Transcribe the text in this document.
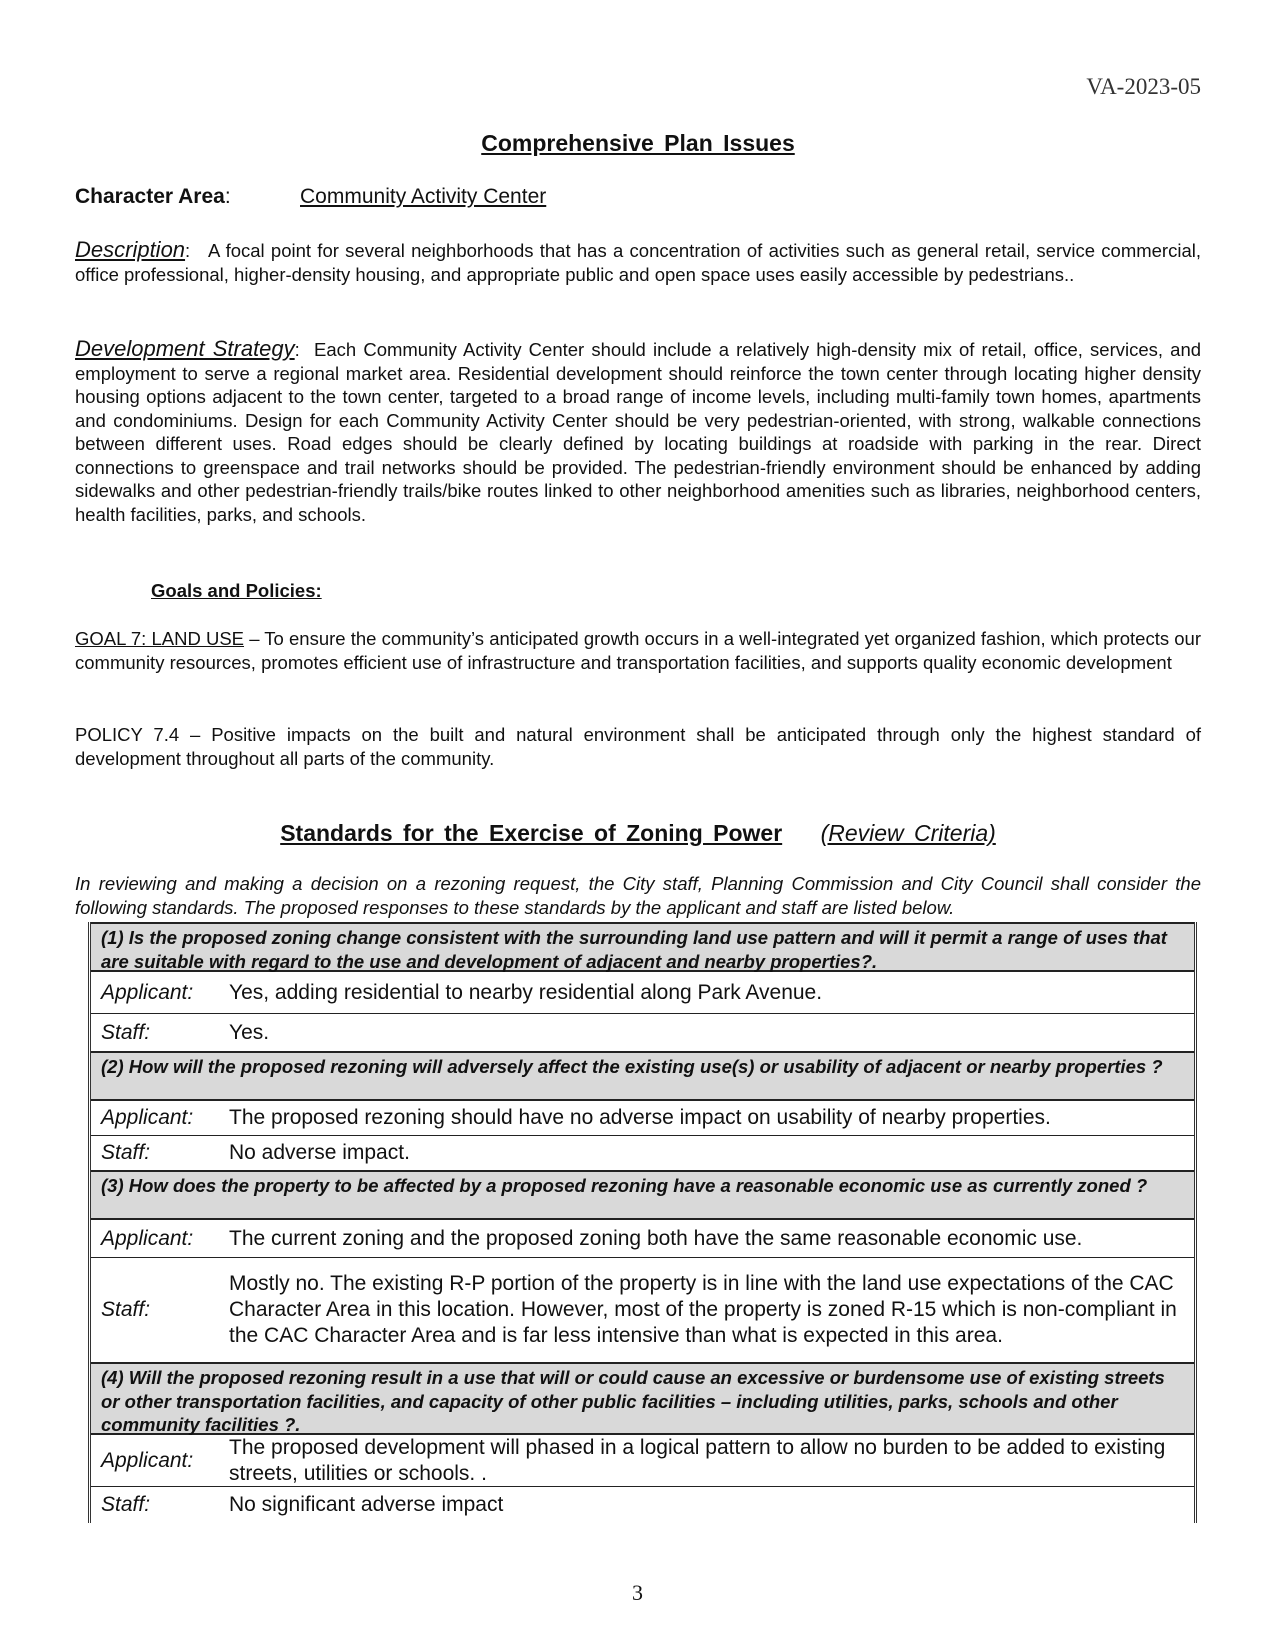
VA-2023-05
Comprehensive Plan Issues
Character Area:	Community Activity Center
Description:   A focal point for several neighborhoods that has a concentration of activities such as general retail, service commercial, office professional, higher-density housing, and appropriate public and open space uses easily accessible by pedestrians..
Development Strategy:  Each Community Activity Center should include a relatively high-density mix of retail, office, services, and employment to serve a regional market area. Residential development should reinforce the town center through locating higher density housing options adjacent to the town center, targeted to a broad range of income levels, including multi-family town homes, apartments and condominiums. Design for each Community Activity Center should be very pedestrian-oriented, with strong, walkable connections between different uses. Road edges should be clearly defined by locating buildings at roadside with parking in the rear. Direct connections to greenspace and trail networks should be provided. The pedestrian-friendly environment should be enhanced by adding sidewalks and other pedestrian-friendly trails/bike routes linked to other neighborhood amenities such as libraries, neighborhood centers, health facilities, parks, and schools.
Goals and Policies:
GOAL 7: LAND USE – To ensure the community’s anticipated growth occurs in a well-integrated yet organized fashion, which protects our community resources, promotes efficient use of infrastructure and transportation facilities, and supports quality economic development
POLICY 7.4 – Positive impacts on the built and natural environment shall be anticipated through only the highest standard of development throughout all parts of the community.
Standards for the Exercise of Zoning Power (Review Criteria)
In reviewing and making a decision on a rezoning request, the City staff, Planning Commission and City Council shall consider the following standards. The proposed responses to these standards by the applicant and staff are listed below.
(1) Is the proposed zoning change consistent with the surrounding land use pattern and will it permit a range of uses that are suitable with regard to the use and development of adjacent and nearby properties?.
Applicant:	Yes, adding residential to nearby residential along Park Avenue.
Staff:	Yes.
(2) How will the proposed rezoning will adversely affect the existing use(s) or usability of adjacent or nearby properties ?
Applicant:	The proposed rezoning should have no adverse impact on usability of nearby properties.
Staff:	No adverse impact.
(3) How does the property to be affected by a proposed rezoning have a reasonable economic use as currently zoned ?
Applicant:	The current zoning and the proposed zoning both have the same reasonable economic use.
Staff:
Mostly no. The existing R-P portion of the property is in line with the land use expectations of the CAC Character Area in this location. However, most of the property is zoned R-15 which is non-compliant in the CAC Character Area and is far less intensive than what is expected in this area.
(4) Will the proposed rezoning result in a use that will or could cause an excessive or burdensome use of existing streets or other transportation facilities, and capacity of other public facilities – including utilities, parks, schools and other community facilities ?.
Applicant:
The proposed development will phased in a logical pattern to allow no burden to be added to existing streets, utilities or schools. .
Staff:	No significant adverse impact
3
